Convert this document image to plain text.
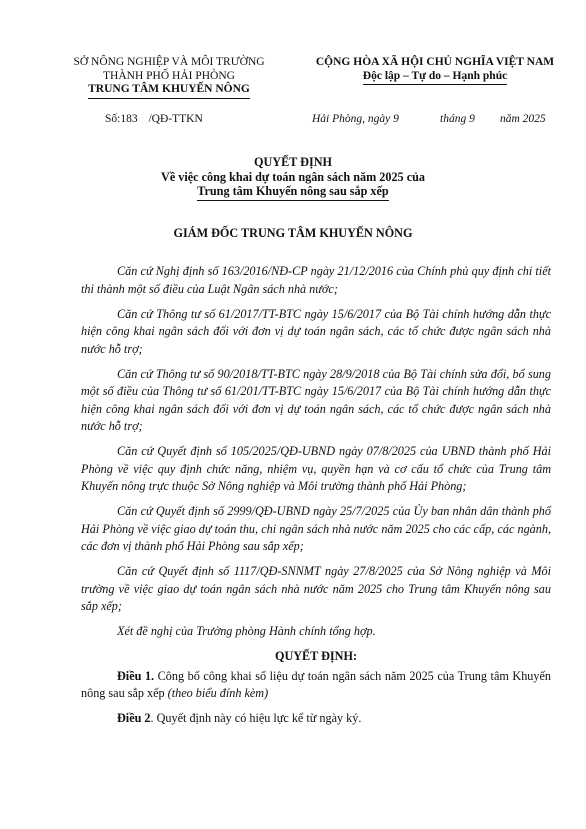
SỞ NÔNG NGHIỆP VÀ MÔI TRƯỜNG
THÀNH PHỐ HẢI PHÒNG
TRUNG TÂM KHUYẾN NÔNG
CỘNG HÒA XÃ HỘI CHỦ NGHĨA VIỆT NAM
Độc lập – Tự do – Hạnh phúc
Số:183 /QĐ-TTKN	Hải Phòng, ngày 9	tháng 9 năm 2025
QUYẾT ĐỊNH
Về việc công khai dự toán ngân sách năm 2025 của
Trung tâm Khuyến nông sau sắp xếp
GIÁM ĐỐC TRUNG TÂM KHUYẾN NÔNG

Căn cứ Nghị định số 163/2016/NĐ-CP ngày 21/12/2016 của Chính phủ quy định chi tiết thi thành một số điều của Luật Ngân sách nhà nước;

Căn cứ Thông tư số 61/2017/TT-BTC ngày 15/6/2017 của Bộ Tài chính hướng dẫn thực hiện công khai ngân sách đối với đơn vị dự toán ngân sách, các tổ chức được ngân sách nhà nước hỗ trợ;

Căn cứ Thông tư số 90/2018/TT-BTC ngày 28/9/2018 của Bộ Tài chính sửa đổi, bổ sung một số điều của Thông tư số 61/201/TT-BTC ngày 15/6/2017 của Bộ Tài chính hướng dẫn thực hiện công khai ngân sách đối với đơn vị dự toán ngân sách, các tổ chức được ngân sách nhà nước hỗ trợ;

Căn cứ Quyết định số 105/2025/QĐ-UBND ngày 07/8/2025 của UBND thành phố Hải Phòng về việc quy định chức năng, nhiệm vụ, quyền hạn và cơ cấu tổ chức của Trung tâm Khuyến nông trực thuộc Sở Nông nghiệp và Môi trường thành phố Hải Phòng;

Căn cứ Quyết định số 2999/QĐ-UBND ngày 25/7/2025 của Ủy ban nhân dân thành phố Hải Phòng về việc giao dự toán thu, chi ngân sách nhà nước năm 2025 cho các cấp, các ngành, các đơn vị thành phố Hải Phòng sau sắp xếp;

Căn cứ Quyết định số 1117/QĐ-SNNMT ngày 27/8/2025 của Sở Nông nghiệp và Môi trường về việc giao dự toán ngân sách nhà nước năm 2025 cho Trung tâm Khuyến nông sau sắp xếp;

Xét đề nghị của Trưởng phòng Hành chính tổng hợp.

QUYẾT ĐỊNH:

Điều 1. Công bố công khai số liệu dự toán ngân sách năm 2025 của Trung tâm Khuyến nông sau sắp xếp (theo biểu đính kèm)

Điều 2. Quyết định này có hiệu lực kể từ ngày ký.
